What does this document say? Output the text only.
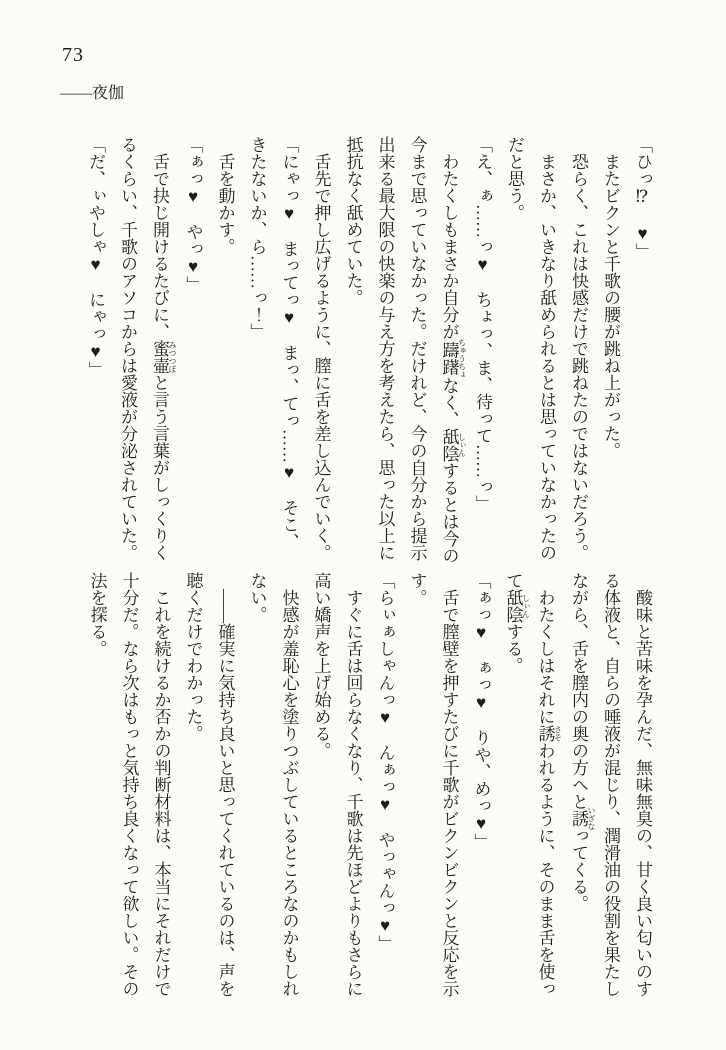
73
――夜伽

「ひっ⁉　♥」

またビクンと千歌の腰が跳ね上がった。

恐らく、これは快感だけで跳ねたのではないだろう。

まさか、いきなり舐められるとは思っていなかったのだと思う。

「え、ぁ……っ♥　ちょっ、ま、待って……っ」

わたくしもまさか自分が躊躇 ちゅうちょなく、舐陰 しぃんするとは今の今まで思っていなかった。だけれど、今の自分から提示出来る最大限の快楽の与え方を考えたら、思った以上に抵抗なく舐めていた。

舌先で押し広げるように、膣に舌を差し込んでいく。

「にゃっ♥　まってっ♥　まっ、てっ……♥　そこ、きたないか、ら……っ！」

舌を動かす。

「ぁっ♥　やっ♥」

舌で抉じ開けるたびに、蜜壷 みつつぼと言う言葉がしっくりくるくらい、千歌のアソコからは愛液が分泌されていた。

「だ、ぃやしゃ♥　にゃっ♥」

酸味と苦味を孕んだ、無味無臭の、甘く良い匂いのする体液と、自らの唾液が混じり、潤滑油の役割を果たしながら、舌を膣内の奥の方へと誘 いざなってくる。

わたくしはそれに誘 さそわれるように、そのまま舌を使って舐陰 しぃんする。

「ぁっ♥　ぁっ♥　りや、めっ♥」

舌で膣壁を押すたびに千歌がビクンビクンと反応を示す。

「らぃぁしゃんっ♥　んぁっ♥　やっゃんっ♥」

すぐに舌は回らなくなり、千歌は先ほどよりもさらに高い嬌声を上げ始める。

快感が羞恥心を塗りつぶしているところなのかもしれない。

――確実に気持ち良いと思ってくれているのは、声を聴くだけでわかった。

これを続けるか否かの判断材料は、本当にそれだけで十分だ。なら次はもっと気持ち良くなって欲しい。その法を探る。
